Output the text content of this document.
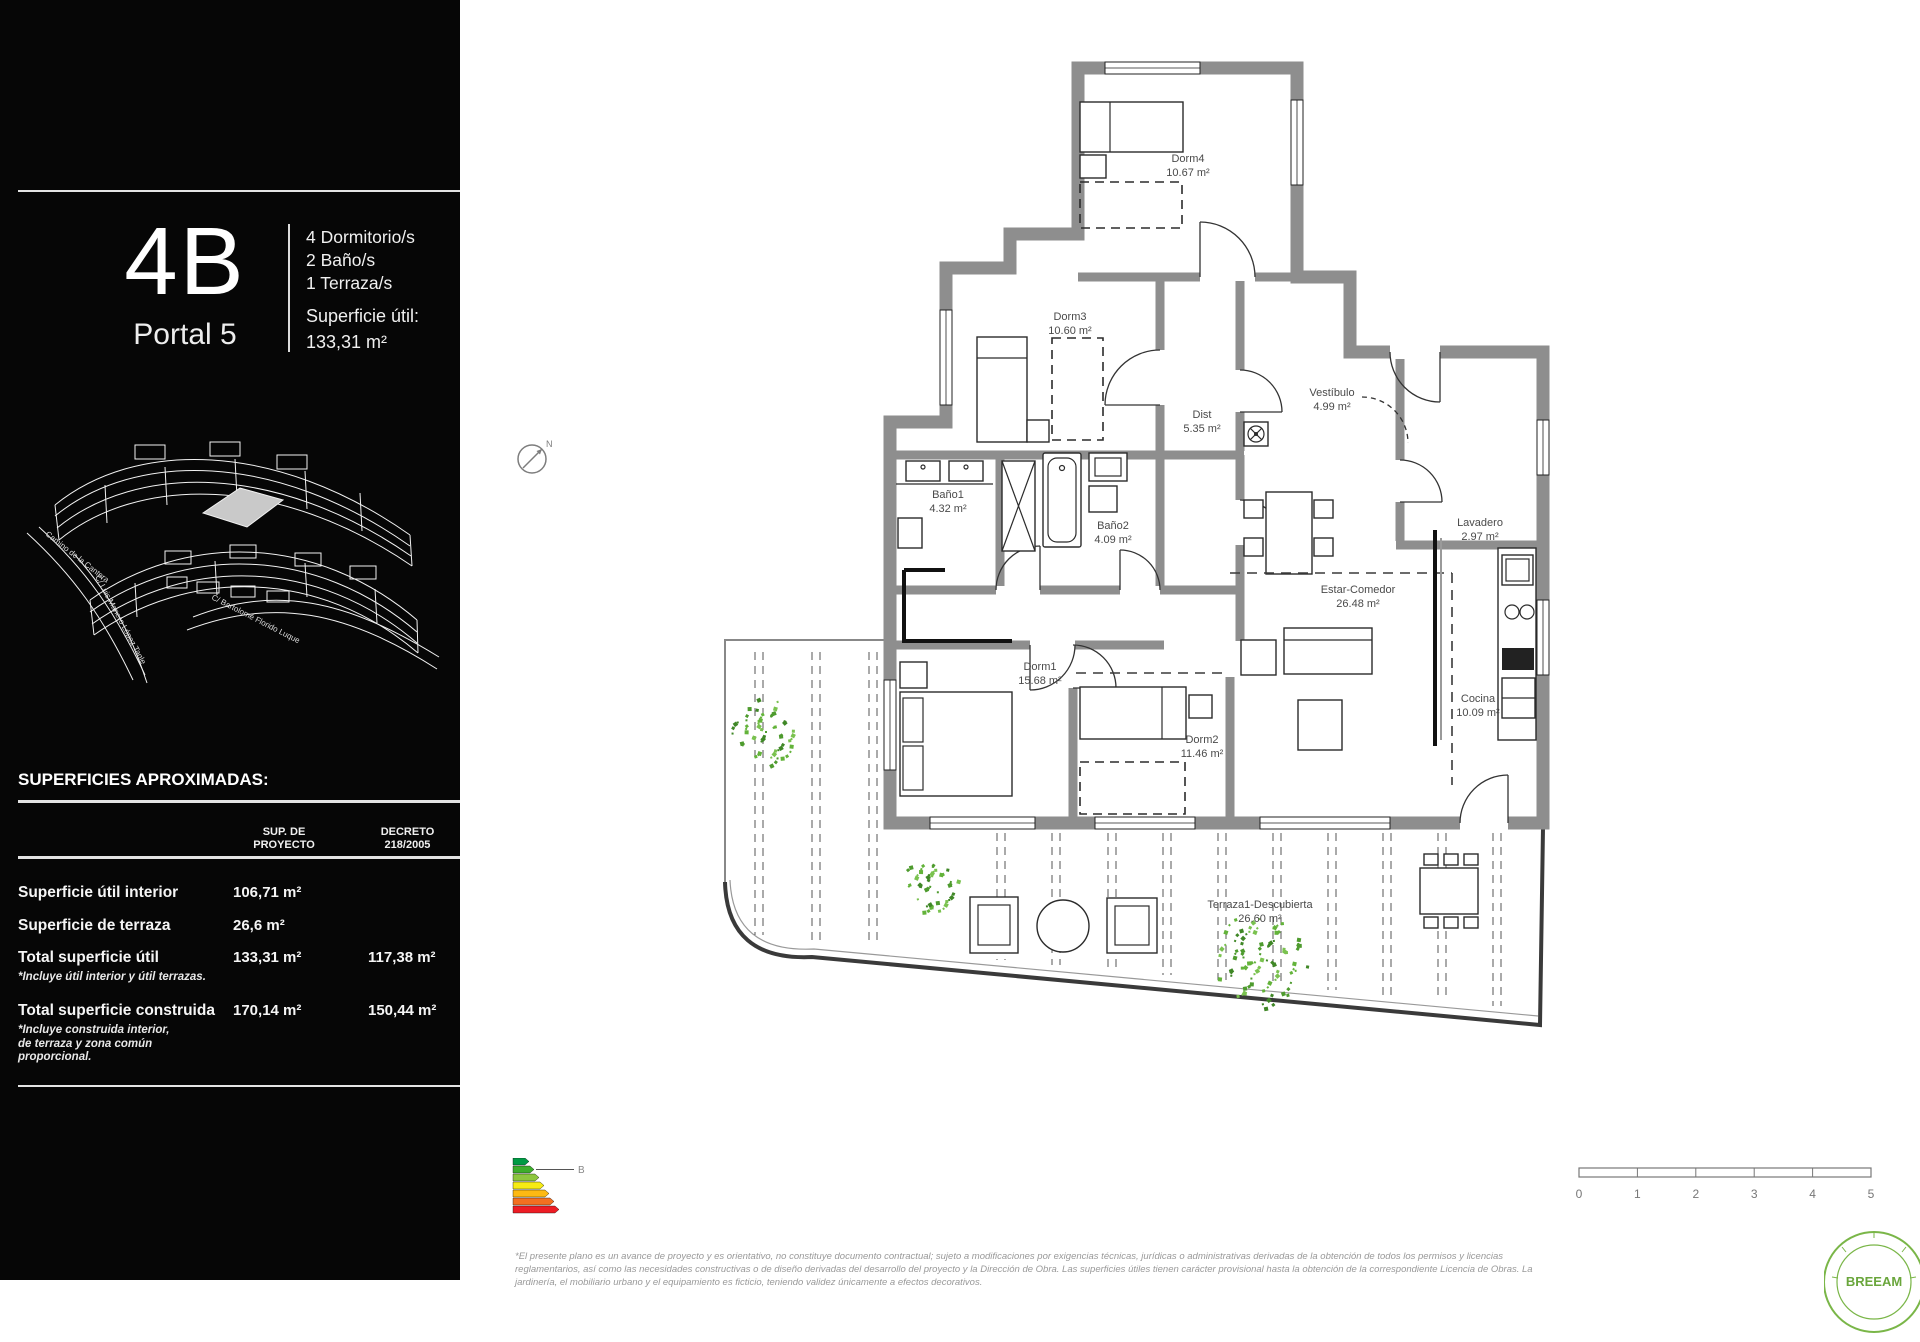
4B
Portal 5
4 Dormitorio/s
2 Baño/s
1 Terraza/s
Superficie útil:
133,31 m²
Camino de la Cantera
C/ Luis Manero López Tagle	C/ Bartolomé Florido Luque
SUPERFICIES APROXIMADAS:
SUP. DE
PROYECTO
DECRETO
218/2005
Superficie útil interior	106,71 m²
Superficie de terraza	26,6 m²
Total superficie útil	133,31 m²	117,38 m²
*Incluye útil interior y útil terrazas.
Total superficie construida 170,14 m²	150,44 m²
*Incluye construida interior,
de terraza y zona común
proporcional.
N
Dorm4
10.67 m²
Dorm3
10.60 m²
Dist
5.35 m²
Vestíbulo
4.99 m²
Baño1
4.32 m²
Baño2
4.09 m²
Lavadero
2.97 m²
Estar-Comedor
26.48 m²
Cocina
10.09 m²
Dorm1
15.68 m²
Dorm2
11.46 m²
Terraza1-Descubierta
26.60 m²
B
0	1	2	3	4	5
*El presente plano es un avance de proyecto y es orientativo, no constituye documento contractual; sujeto a modificaciones por exigencias técnicas, jurídicas o administrativas derivadas de la obtención de todos los permisos y licencias
reglamentarios, así como las necesidades constructivas o de diseño derivadas del desarrollo del proyecto y la Dirección de Obra. Las superficies útiles tienen carácter provisional hasta la obtención de la correspondiente Licencia de Obras. La
jardinería, el mobiliario urbano y el equipamiento es ficticio, teniendo validez únicamente a efectos decorativos.	BREEAM
